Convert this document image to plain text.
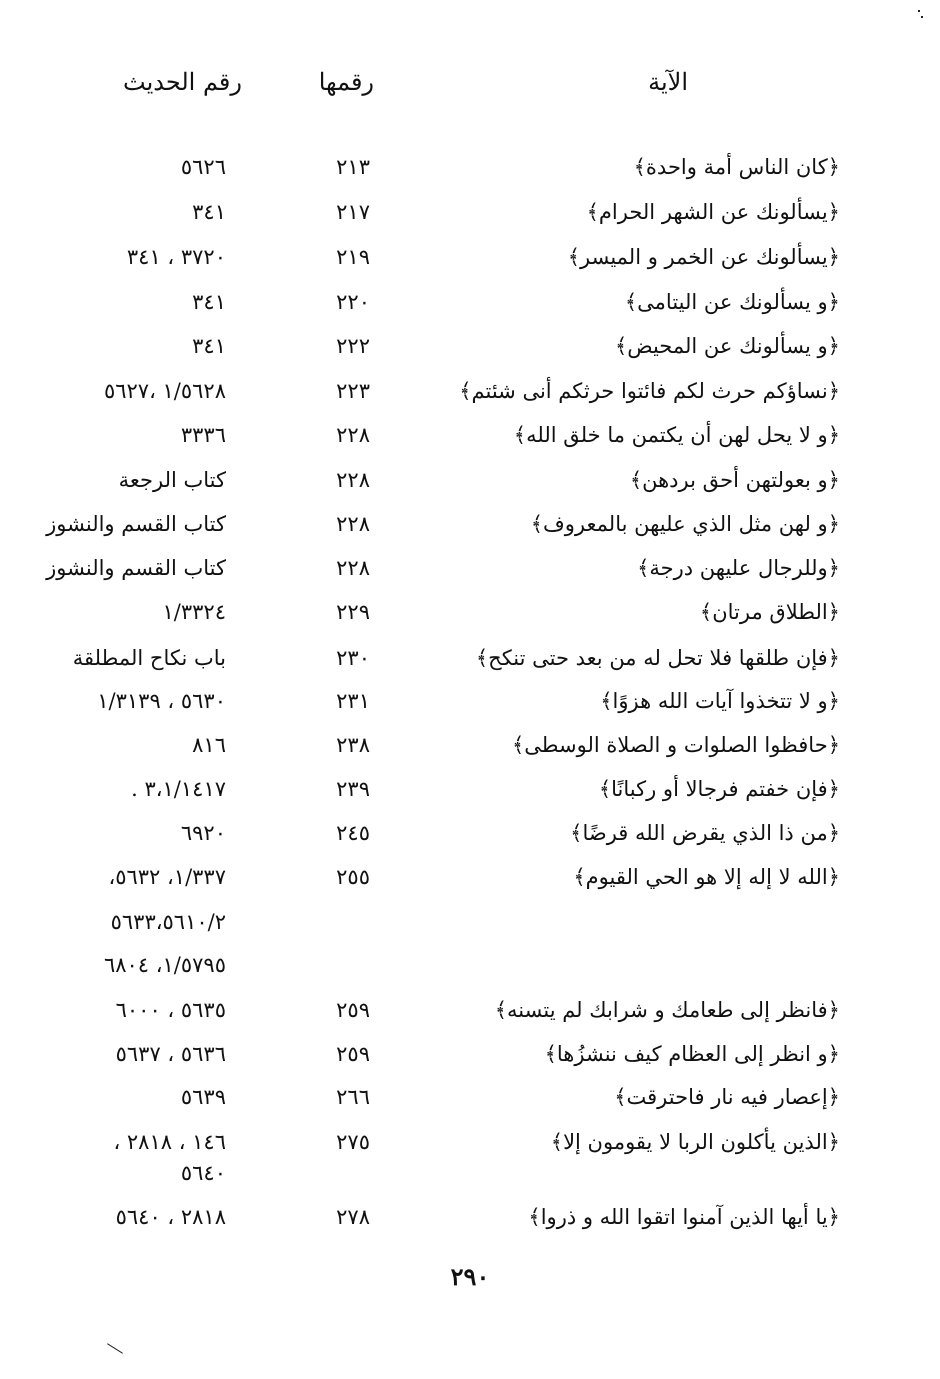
الآية
رقمها
رقم الحديث
﴿كان الناس أمة واحدة﴾
٢١٣
٥٦٢٦
﴿يسألونك عن الشهر الحرام﴾
٢١٧
٣٤١
﴿يسألونك عن الخمر و الميسر﴾
٢١٩
٣٧٢٠ ، ٣٤١
﴿و يسألونك عن اليتامى﴾
٢٢٠
٣٤١
﴿و يسألونك عن المحيض﴾
٢٢٢
٣٤١
﴿نساؤكم حرث لكم فائتوا حرثكم أنى شئتم﴾
٢٢٣
١/٥٦٢٨ ،٥٦٢٧
﴿و لا يحل لهن أن يكتمن ما خلق الله﴾
٢٢٨
٣٣٣٦
﴿و بعولتهن أحق بردهن﴾
٢٢٨
كتاب الرجعة
﴿و لهن مثل الذي عليهن بالمعروف﴾
٢٢٨
كتاب القسم والنشوز
﴿وللرجال عليهن درجة﴾
٢٢٨
كتاب القسم والنشوز
﴿الطلاق مرتان﴾
٢٢٩
١/٣٣٢٤
﴿فإن طلقها فلا تحل له من بعد حتى تنكح﴾
٢٣٠
باب نكاح المطلقة
﴿و لا تتخذوا آيات الله هزوًا﴾
٢٣١
٥٦٣٠ ، ١/٣١٣٩
﴿حافظوا الصلوات و الصلاة الوسطى﴾
٢٣٨
٨١٦
﴿فإن خفتم فرجالا أو ركبانًا﴾
٢٣٩
٣،١/١٤١٧ .
﴿من ذا الذي يقرض الله قرضًا﴾
٢٤٥
٦٩٢٠
﴿الله لا إله إلا هو الحي القيوم﴾
٢٥٥
١/٣٣٧، ٥٦٣٢،
٥٦٣٣،٥٦١٠/٢
١/٥٧٩٥، ٦٨٠٤
﴿فانظر إلى طعامك و شرابك لم يتسنه﴾
٢٥٩
٥٦٣٥ ، ٦٠٠٠
﴿و انظر إلى العظام كيف ننشزُها﴾
٢٥٩
٥٦٣٦ ، ٥٦٣٧
﴿إعصار فيه نار فاحترقت﴾
٢٦٦
٥٦٣٩
﴿الذين يأكلون الربا لا يقومون إلا﴾
٢٧٥
١٤٦ ، ٢٨١٨ ،
٥٦٤٠
﴿يا أيها الذين آمنوا اتقوا الله و ذروا﴾
٢٧٨
٢٨١٨ ، ٥٦٤٠
٢٩٠
